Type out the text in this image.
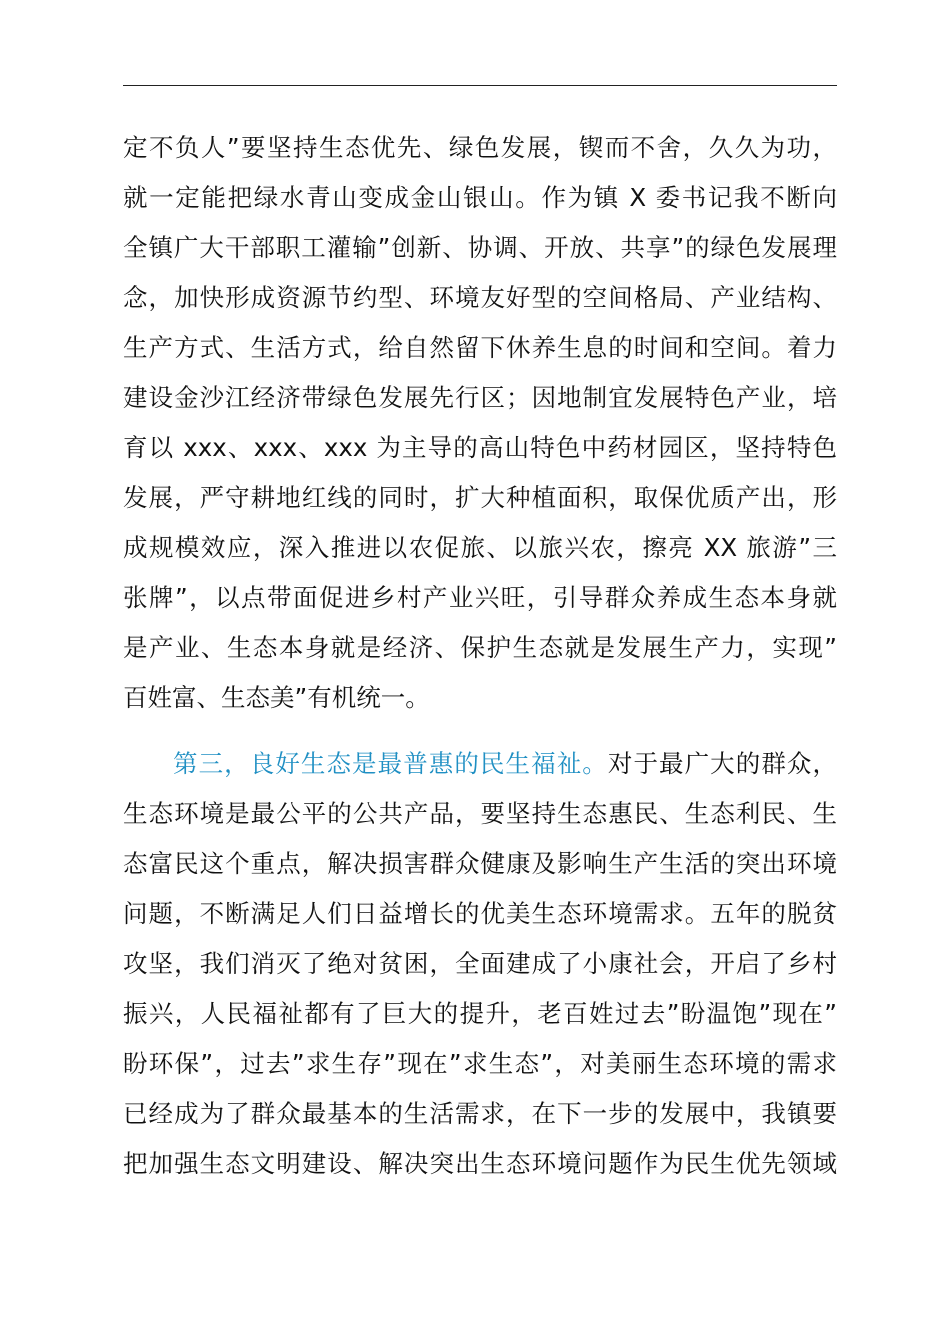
定不负人”要坚持生态优先、绿色发展，锲而不舍，久久为功，
就一定能把绿水青山变成金山银山。作为镇 X 委书记我不断向
全镇广大干部职工灌输”创新、协调、开放、共享”的绿色发展理
念，加快形成资源节约型、环境友好型的空间格局、产业结构、
生产方式、生活方式，给自然留下休养生息的时间和空间。着力
建设金沙江经济带绿色发展先行区；因地制宜发展特色产业，培
育以 xxx、xxx、xxx 为主导的高山特色中药材园区，坚持特色
发展，严守耕地红线的同时，扩大种植面积，取保优质产出，形
成规模效应，深入推进以农促旅、以旅兴农，擦亮 XX 旅游”三
张牌”，以点带面促进乡村产业兴旺，引导群众养成生态本身就
是产业、生态本身就是经济、保护生态就是发展生产力，实现”
百姓富、生态美”有机统一。
第三，良好生态是最普惠的民生福祉。对于最广大的群众，
生态环境是最公平的公共产品，要坚持生态惠民、生态利民、生
态富民这个重点，解决损害群众健康及影响生产生活的突出环境
问题，不断满足人们日益增长的优美生态环境需求。五年的脱贫
攻坚，我们消灭了绝对贫困，全面建成了小康社会，开启了乡村
振兴，人民福祉都有了巨大的提升，老百姓过去”盼温饱”现在”
盼环保”，过去”求生存”现在”求生态”，对美丽生态环境的需求
已经成为了群众最基本的生活需求，在下一步的发展中，我镇要
把加强生态文明建设、解决突出生态环境问题作为民生优先领域
